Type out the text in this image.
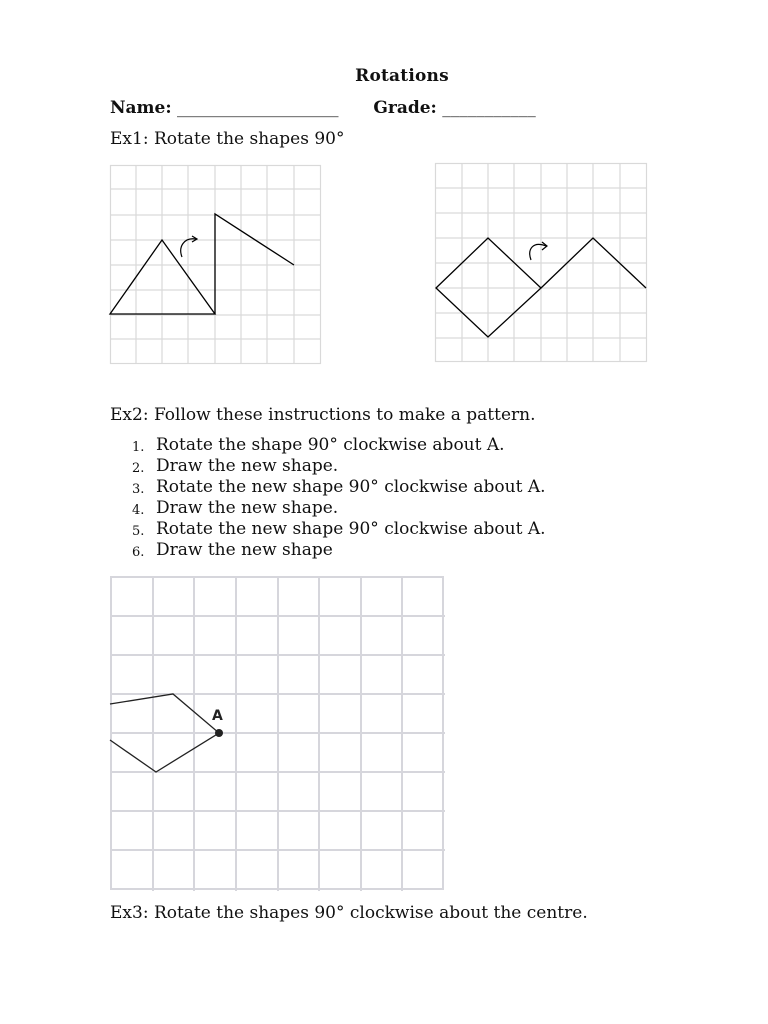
Rotations
Name: ___________________ Grade: ___________
Ex1: Rotate the shapes 90°
Ex2: Follow these instructions to make a pattern.
1. Rotate the shape 90° clockwise about A.
2. Draw the new shape.
3. Rotate the new shape 90° clockwise about A.
4. Draw the new shape.
5. Rotate the new shape 90° clockwise about A.
6. Draw the new shape
A
Ex3: Rotate the shapes 90° clockwise about the centre.
